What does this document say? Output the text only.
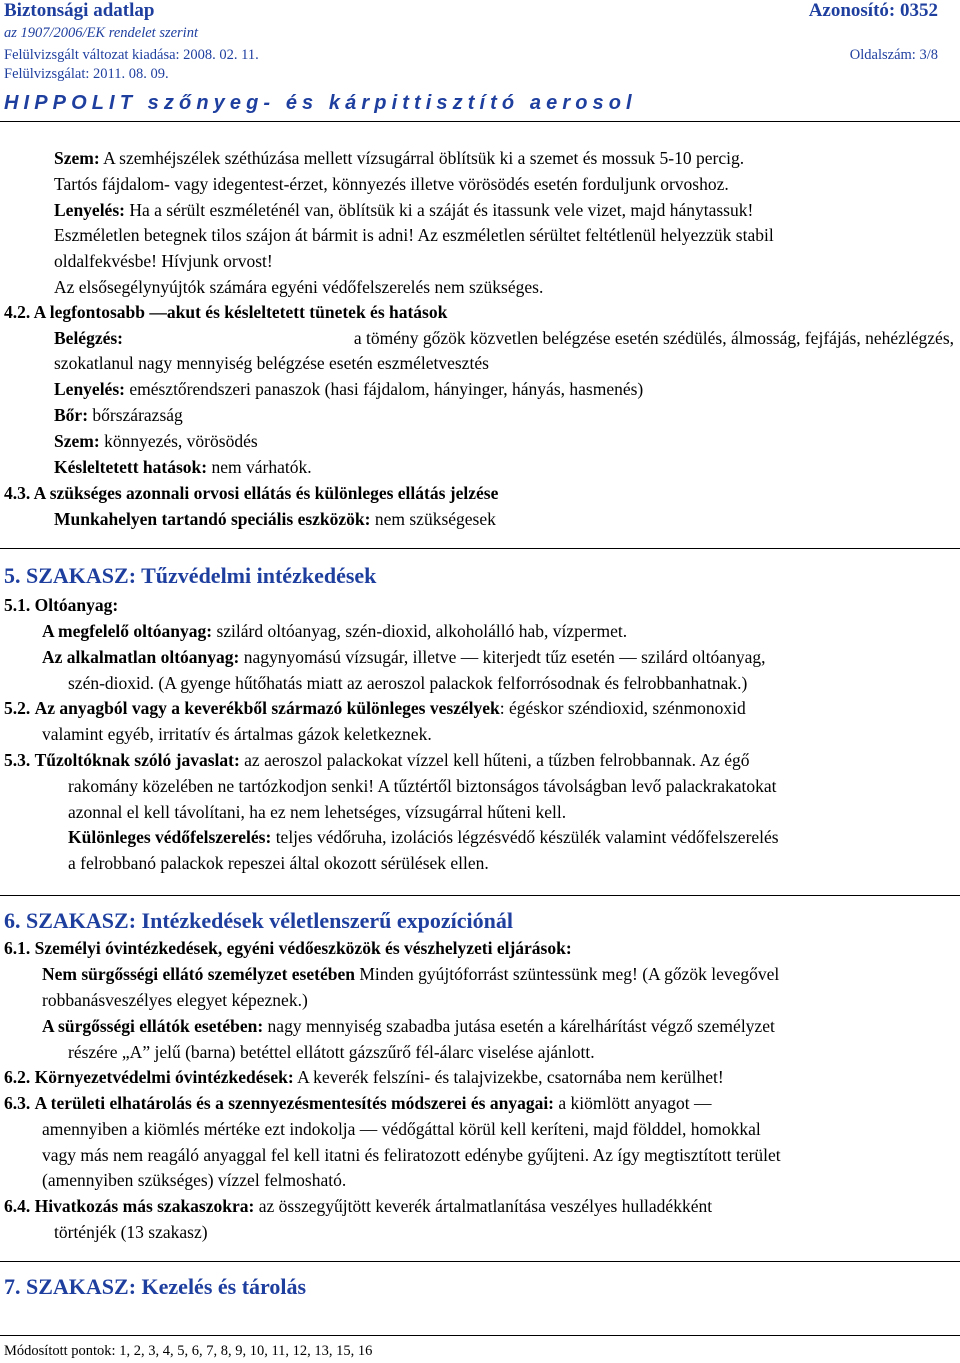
Biztonsági adatlap	Azonosító: 0352
az 1907/2006/EK rendelet szerint
Felülvizsgált változat kiadása: 2008. 02. 11.	Oldalszám: 3/8
Felülvizsgálat: 2011. 08. 09.
HIPPOLIT szőnyeg- és kárpittisztító aerosol
Szem: A szemhéjszélek széthúzása mellett vízsugárral öblítsük ki a szemet és mossuk 5-10 percig.
Tartós fájdalom- vagy idegentest-érzet, könnyezés illetve vörösödés esetén forduljunk orvoshoz.
Lenyelés: Ha a sérült eszméleténél van, öblítsük ki a száját és itassunk vele vizet, majd hánytassuk!
Eszméletlen betegnek tilos szájon át bármit is adni! Az eszméletlen sérültet feltétlenül helyezzük stabil
oldalfekvésbe! Hívjunk orvost!
Az elsősegélynyújtók számára egyéni védőfelszerelés nem szükséges.
4.2. A legfontosabb —akut és késleltetett tünetek és hatások
Belégzés:	a tömény gőzök közvetlen belégzése esetén szédülés, álmosság, fejfájás, nehézlégzés,
szokatlanul nagy mennyiség belégzése esetén eszméletvesztés
Lenyelés: emésztőrendszeri panaszok (hasi fájdalom, hányinger, hányás, hasmenés)
Bőr: bőrszárazság
Szem: könnyezés, vörösödés
Késleltetett hatások: nem várhatók.
4.3. A szükséges azonnali orvosi ellátás és különleges ellátás jelzése
Munkahelyen tartandó speciális eszközök: nem szükségesek
5. SZAKASZ: Tűzvédelmi intézkedések
5.1. Oltóanyag:
A megfelelő oltóanyag: szilárd oltóanyag, szén-dioxid, alkoholálló hab, vízpermet.
Az alkalmatlan oltóanyag: nagynyomású vízsugár, illetve — kiterjedt tűz esetén — szilárd oltóanyag,
szén-dioxid. (A gyenge hűtőhatás miatt az aeroszol palackok felforrósodnak és felrobbanhatnak.)
5.2. Az anyagból vagy a keverékből származó különleges veszélyek: égéskor széndioxid, szénmonoxid
valamint egyéb, irritatív és ártalmas gázok keletkeznek.
5.3. Tűzoltóknak szóló javaslat: az aeroszol palackokat vízzel kell hűteni, a tűzben felrobbannak. Az égő
rakomány közelében ne tartózkodjon senki! A tűztértől biztonságos távolságban levő palackrakatokat
azonnal el kell távolítani, ha ez nem lehetséges, vízsugárral hűteni kell.
Különleges védőfelszerelés: teljes védőruha, izolációs légzésvédő készülék valamint védőfelszerelés
a felrobbanó palackok repeszei által okozott sérülések ellen.
6. SZAKASZ: Intézkedések véletlenszerű expozíciónál
6.1. Személyi óvintézkedések, egyéni védőeszközök és vészhelyzeti eljárások:
Nem sürgősségi ellátó személyzet esetében Minden gyújtóforrást szüntessünk meg! (A gőzök levegővel
robbanásveszélyes elegyet képeznek.)
A sürgősségi ellátók esetében: nagy mennyiség szabadba jutása esetén a kárelhárítást végző személyzet
részére „A” jelű (barna) betéttel ellátott gázszűrő fél-álarc viselése ajánlott.
6.2. Környezetvédelmi óvintézkedések: A keverék felszíni- és talajvizekbe, csatornába nem kerülhet!
6.3. A területi elhatárolás és a szennyezésmentesítés módszerei és anyagai: a kiömlött anyagot —
amennyiben a kiömlés mértéke ezt indokolja — védőgáttal körül kell keríteni, majd földdel, homokkal
vagy más nem reagáló anyaggal fel kell itatni és feliratozott edénybe gyűjteni. Az így megtisztított terület
(amennyiben szükséges) vízzel felmosható.
6.4. Hivatkozás más szakaszokra: az összegyűjtött keverék ártalmatlanítása veszélyes hulladékként
történjék (13 szakasz)
7. SZAKASZ: Kezelés és tárolás
Módosított pontok: 1, 2, 3, 4, 5, 6, 7, 8, 9, 10, 11, 12, 13, 15, 16
